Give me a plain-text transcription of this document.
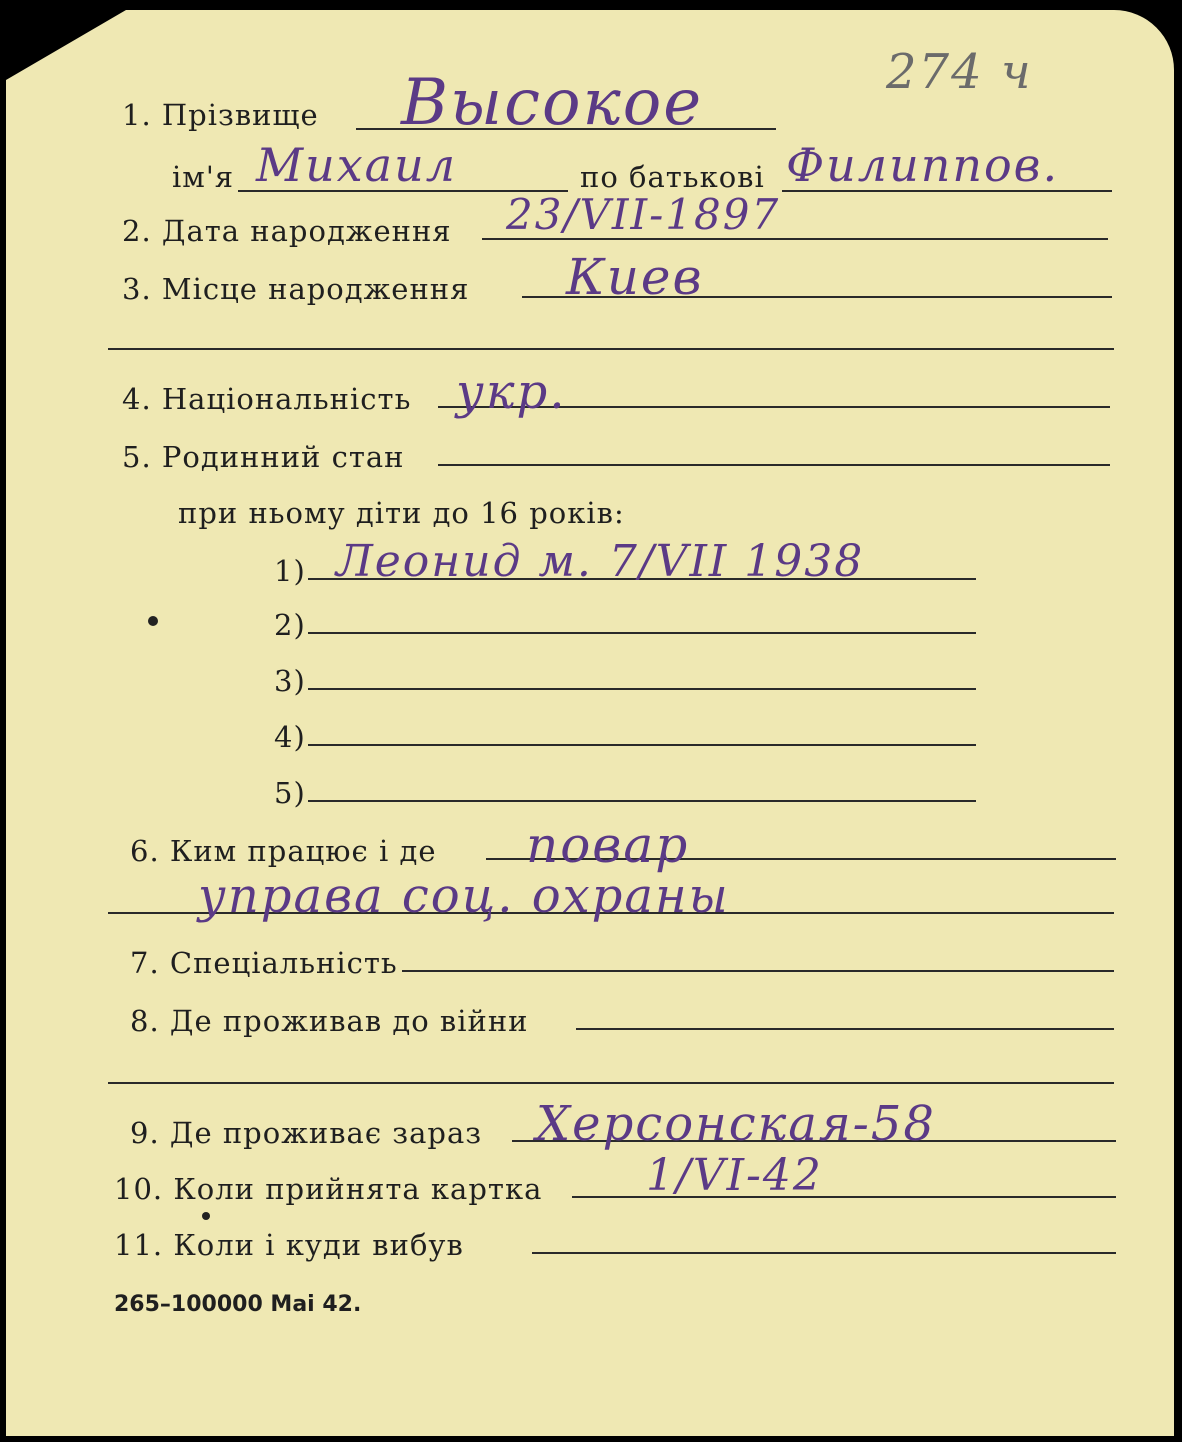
1. Прізвище Высокое	274 ч
ім'я Михаил	по батькові Филиппов.
2. Дата народження 23/VII-1897
3. Місце народження Киев
4. Національність укр.
5. Родинний стан
при ньому діти до 16 років:
1) Леонид м. 7/VII 1938
2)
3)
4)
5)
6. Ким працює і де повар
управа соц. охраны
7. Спеціальність
8. Де проживав до війни
9. Де проживає зараз Херсонская-58
10. Коли прийнята картка 1/VI-42
11. Коли і куди вибув
265–100000 Mai 42.
